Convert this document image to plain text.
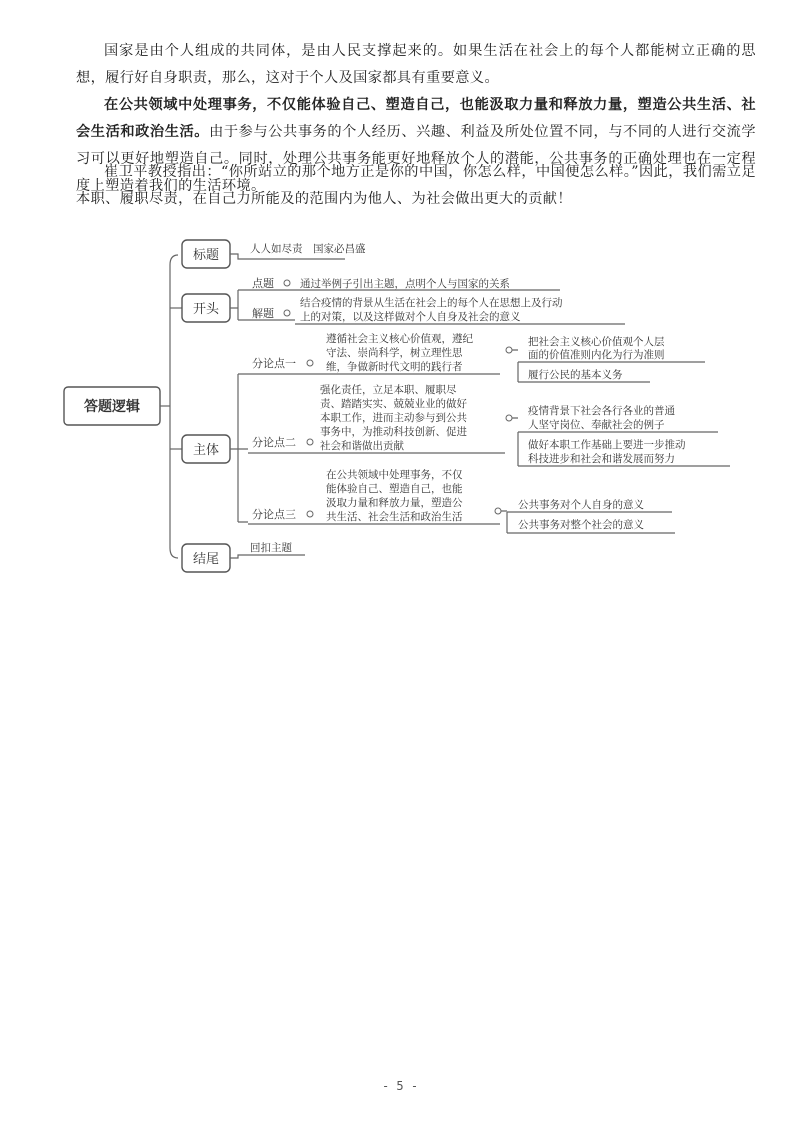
国家是由个人组成的共同体，是由人民支撑起来的。如果生活在社会上的每个人都能树立正确的思想，履行好自身职责，那么，这对于个人及国家都具有重要意义。

在公共领域中处理事务，不仅能体验自己、塑造自己，也能汲取力量和释放力量，塑造公共生活、社会生活和政治生活。由于参与公共事务的个人经历、兴趣、利益及所处位置不同，与不同的人进行交流学习可以更好地塑造自己。同时，处理公共事务能更好地释放个人的潜能，公共事务的正确处理也在一定程度上塑造着我们的生活环境。

崔卫平教授指出：“你所站立的那个地方正是你的中国，你怎么样，中国便怎么样。”因此，我们需立足本职、履职尽责，在自己力所能及的范围内为他人、为社会做出更大的贡献！

答题逻辑
标题
开头
主体
结尾
人人如尽责　国家必昌盛
点题 通过举例子引出主题，点明个人与国家的关系
解题
结合疫情的背景从生活在社会上的每个人在思想上及行动
上的对策，以及这样做对个人自身及社会的意义
分论点一
遵循社会主义核心价值观，遵纪
守法、崇尚科学，树立理性思
维，争做新时代文明的践行者
把社会主义核心价值观个人层
面的价值准则内化为行为准则
履行公民的基本义务
分论点二
强化责任，立足本职、履职尽
责、踏踏实实、兢兢业业的做好
本职工作，进而主动参与到公共
事务中，为推动科技创新、促进
社会和谐做出贡献
疫情背景下社会各行各业的普通
人坚守岗位、奉献社会的例子
做好本职工作基础上要进一步推动
科技进步和社会和谐发展而努力
分论点三
在公共领域中处理事务，不仅
能体验自己、塑造自己，也能
汲取力量和释放力量，塑造公
共生活、社会生活和政治生活
公共事务对个人自身的意义
公共事务对整个社会的意义
回扣主题
- 5 -
